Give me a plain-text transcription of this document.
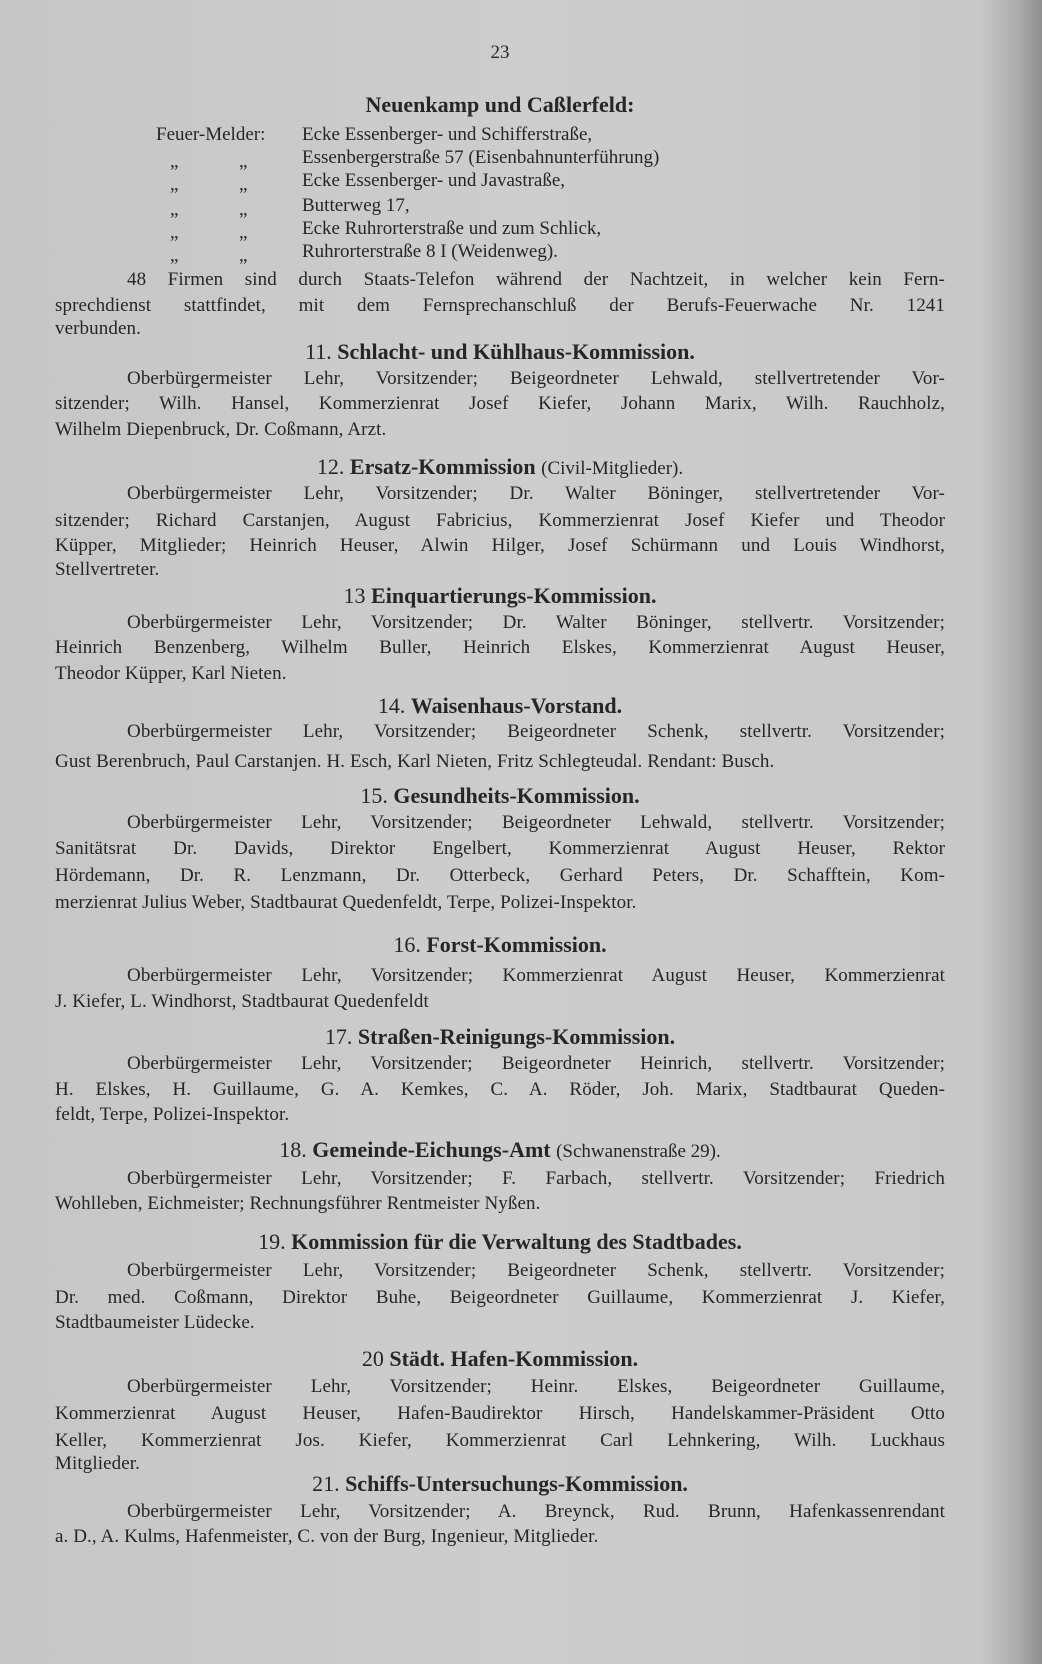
23
Neuenkamp und Caßlerfeld:
Feuer-Melder: Ecke Essenberger- und Schifferstraße,
„	„	Essenbergerstraße 57 (Eisenbahnunterführung)
„	„	Ecke Essenberger- und Javastraße,
„	„	Butterweg 17,
„	„	Ecke Ruhrorterstraße und zum Schlick,
„	„	Ruhrorterstraße 8 I (Weidenweg).
48 Firmen sind durch Staats-Telefon während der Nachtzeit, in welcher kein Fern-
sprechdienst stattfindet, mit dem Fernsprechanschluß der Berufs-Feuerwache Nr. 1241
verbunden.
11. Schlacht- und Kühlhaus-Kommission.
Oberbürgermeister Lehr, Vorsitzender; Beigeordneter Lehwald, stellvertretender Vor-
sitzender; Wilh. Hansel, Kommerzienrat Josef Kiefer, Johann Marix, Wilh. Rauchholz,
Wilhelm Diepenbruck, Dr. Coßmann, Arzt.
12. Ersatz-Kommission (Civil-Mitglieder).
Oberbürgermeister Lehr, Vorsitzender; Dr. Walter Böninger, stellvertretender Vor-
sitzender; Richard Carstanjen, August Fabricius, Kommerzienrat Josef Kiefer und Theodor
Küpper, Mitglieder; Heinrich Heuser, Alwin Hilger, Josef Schürmann und Louis Windhorst,
Stellvertreter.
13 Einquartierungs-Kommission.
Oberbürgermeister Lehr, Vorsitzender; Dr. Walter Böninger, stellvertr. Vorsitzender;
Heinrich Benzenberg, Wilhelm Buller, Heinrich Elskes, Kommerzienrat August Heuser,
Theodor Küpper, Karl Nieten.
14. Waisenhaus-Vorstand.
Oberbürgermeister Lehr, Vorsitzender; Beigeordneter Schenk, stellvertr. Vorsitzender;
Gust Berenbruch, Paul Carstanjen. H. Esch, Karl Nieten, Fritz Schlegteudal. Rendant: Busch.
15. Gesundheits-Kommission.
Oberbürgermeister Lehr, Vorsitzender; Beigeordneter Lehwald, stellvertr. Vorsitzender;
Sanitätsrat Dr. Davids, Direktor Engelbert, Kommerzienrat August Heuser, Rektor
Hördemann, Dr. R. Lenzmann, Dr. Otterbeck, Gerhard Peters, Dr. Schafftein, Kom-
merzienrat Julius Weber, Stadtbaurat Quedenfeldt, Terpe, Polizei-Inspektor.
16. Forst-Kommission.
Oberbürgermeister Lehr, Vorsitzender; Kommerzienrat August Heuser, Kommerzienrat
J. Kiefer, L. Windhorst, Stadtbaurat Quedenfeldt
17. Straßen-Reinigungs-Kommission.
Oberbürgermeister Lehr, Vorsitzender; Beigeordneter Heinrich, stellvertr. Vorsitzender;
H. Elskes, H. Guillaume, G. A. Kemkes, C. A. Röder, Joh. Marix, Stadtbaurat Queden-
feldt, Terpe, Polizei-Inspektor.
18. Gemeinde-Eichungs-Amt (Schwanenstraße 29).
Oberbürgermeister Lehr, Vorsitzender; F. Farbach, stellvertr. Vorsitzender; Friedrich
Wohlleben, Eichmeister; Rechnungsführer Rentmeister Nyßen.
19. Kommission für die Verwaltung des Stadtbades.
Oberbürgermeister Lehr, Vorsitzender; Beigeordneter Schenk, stellvertr. Vorsitzender;
Dr. med. Coßmann, Direktor Buhe, Beigeordneter Guillaume, Kommerzienrat J. Kiefer,
Stadtbaumeister Lüdecke.
20 Städt. Hafen-Kommission.
Oberbürgermeister Lehr, Vorsitzender; Heinr. Elskes, Beigeordneter Guillaume,
Kommerzienrat August Heuser, Hafen-Baudirektor Hirsch, Handelskammer-Präsident Otto
Keller, Kommerzienrat Jos. Kiefer, Kommerzienrat Carl Lehnkering, Wilh. Luckhaus
Mitglieder.
21. Schiffs-Untersuchungs-Kommission.
Oberbürgermeister Lehr, Vorsitzender; A. Breynck, Rud. Brunn, Hafenkassenrendant
a. D., A. Kulms, Hafenmeister, C. von der Burg, Ingenieur, Mitglieder.
